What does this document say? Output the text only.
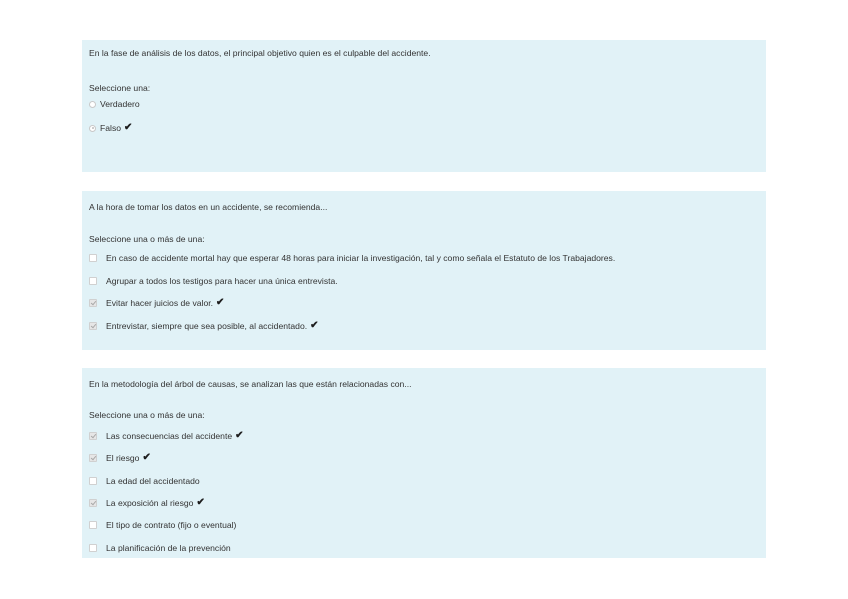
En la fase de análisis de los datos, el principal objetivo quien es el culpable del accidente.
Seleccione una:
Verdadero
Falso ✔
A la hora de tomar los datos en un accidente, se recomienda...
Seleccione una o más de una:
En caso de accidente mortal hay que esperar 48 horas para iniciar la investigación, tal y como señala el Estatuto de los Trabajadores.
Agrupar a todos los testigos para hacer una única entrevista.
Evitar hacer juicios de valor. ✔
Entrevistar, siempre que sea posible, al accidentado. ✔
En la metodología del árbol de causas, se analizan las que están relacionadas con...
Seleccione una o más de una:
Las consecuencias del accidente ✔
El riesgo ✔
La edad del accidentado
La exposición al riesgo ✔
El tipo de contrato (fijo o eventual)
La planificación de la prevención
